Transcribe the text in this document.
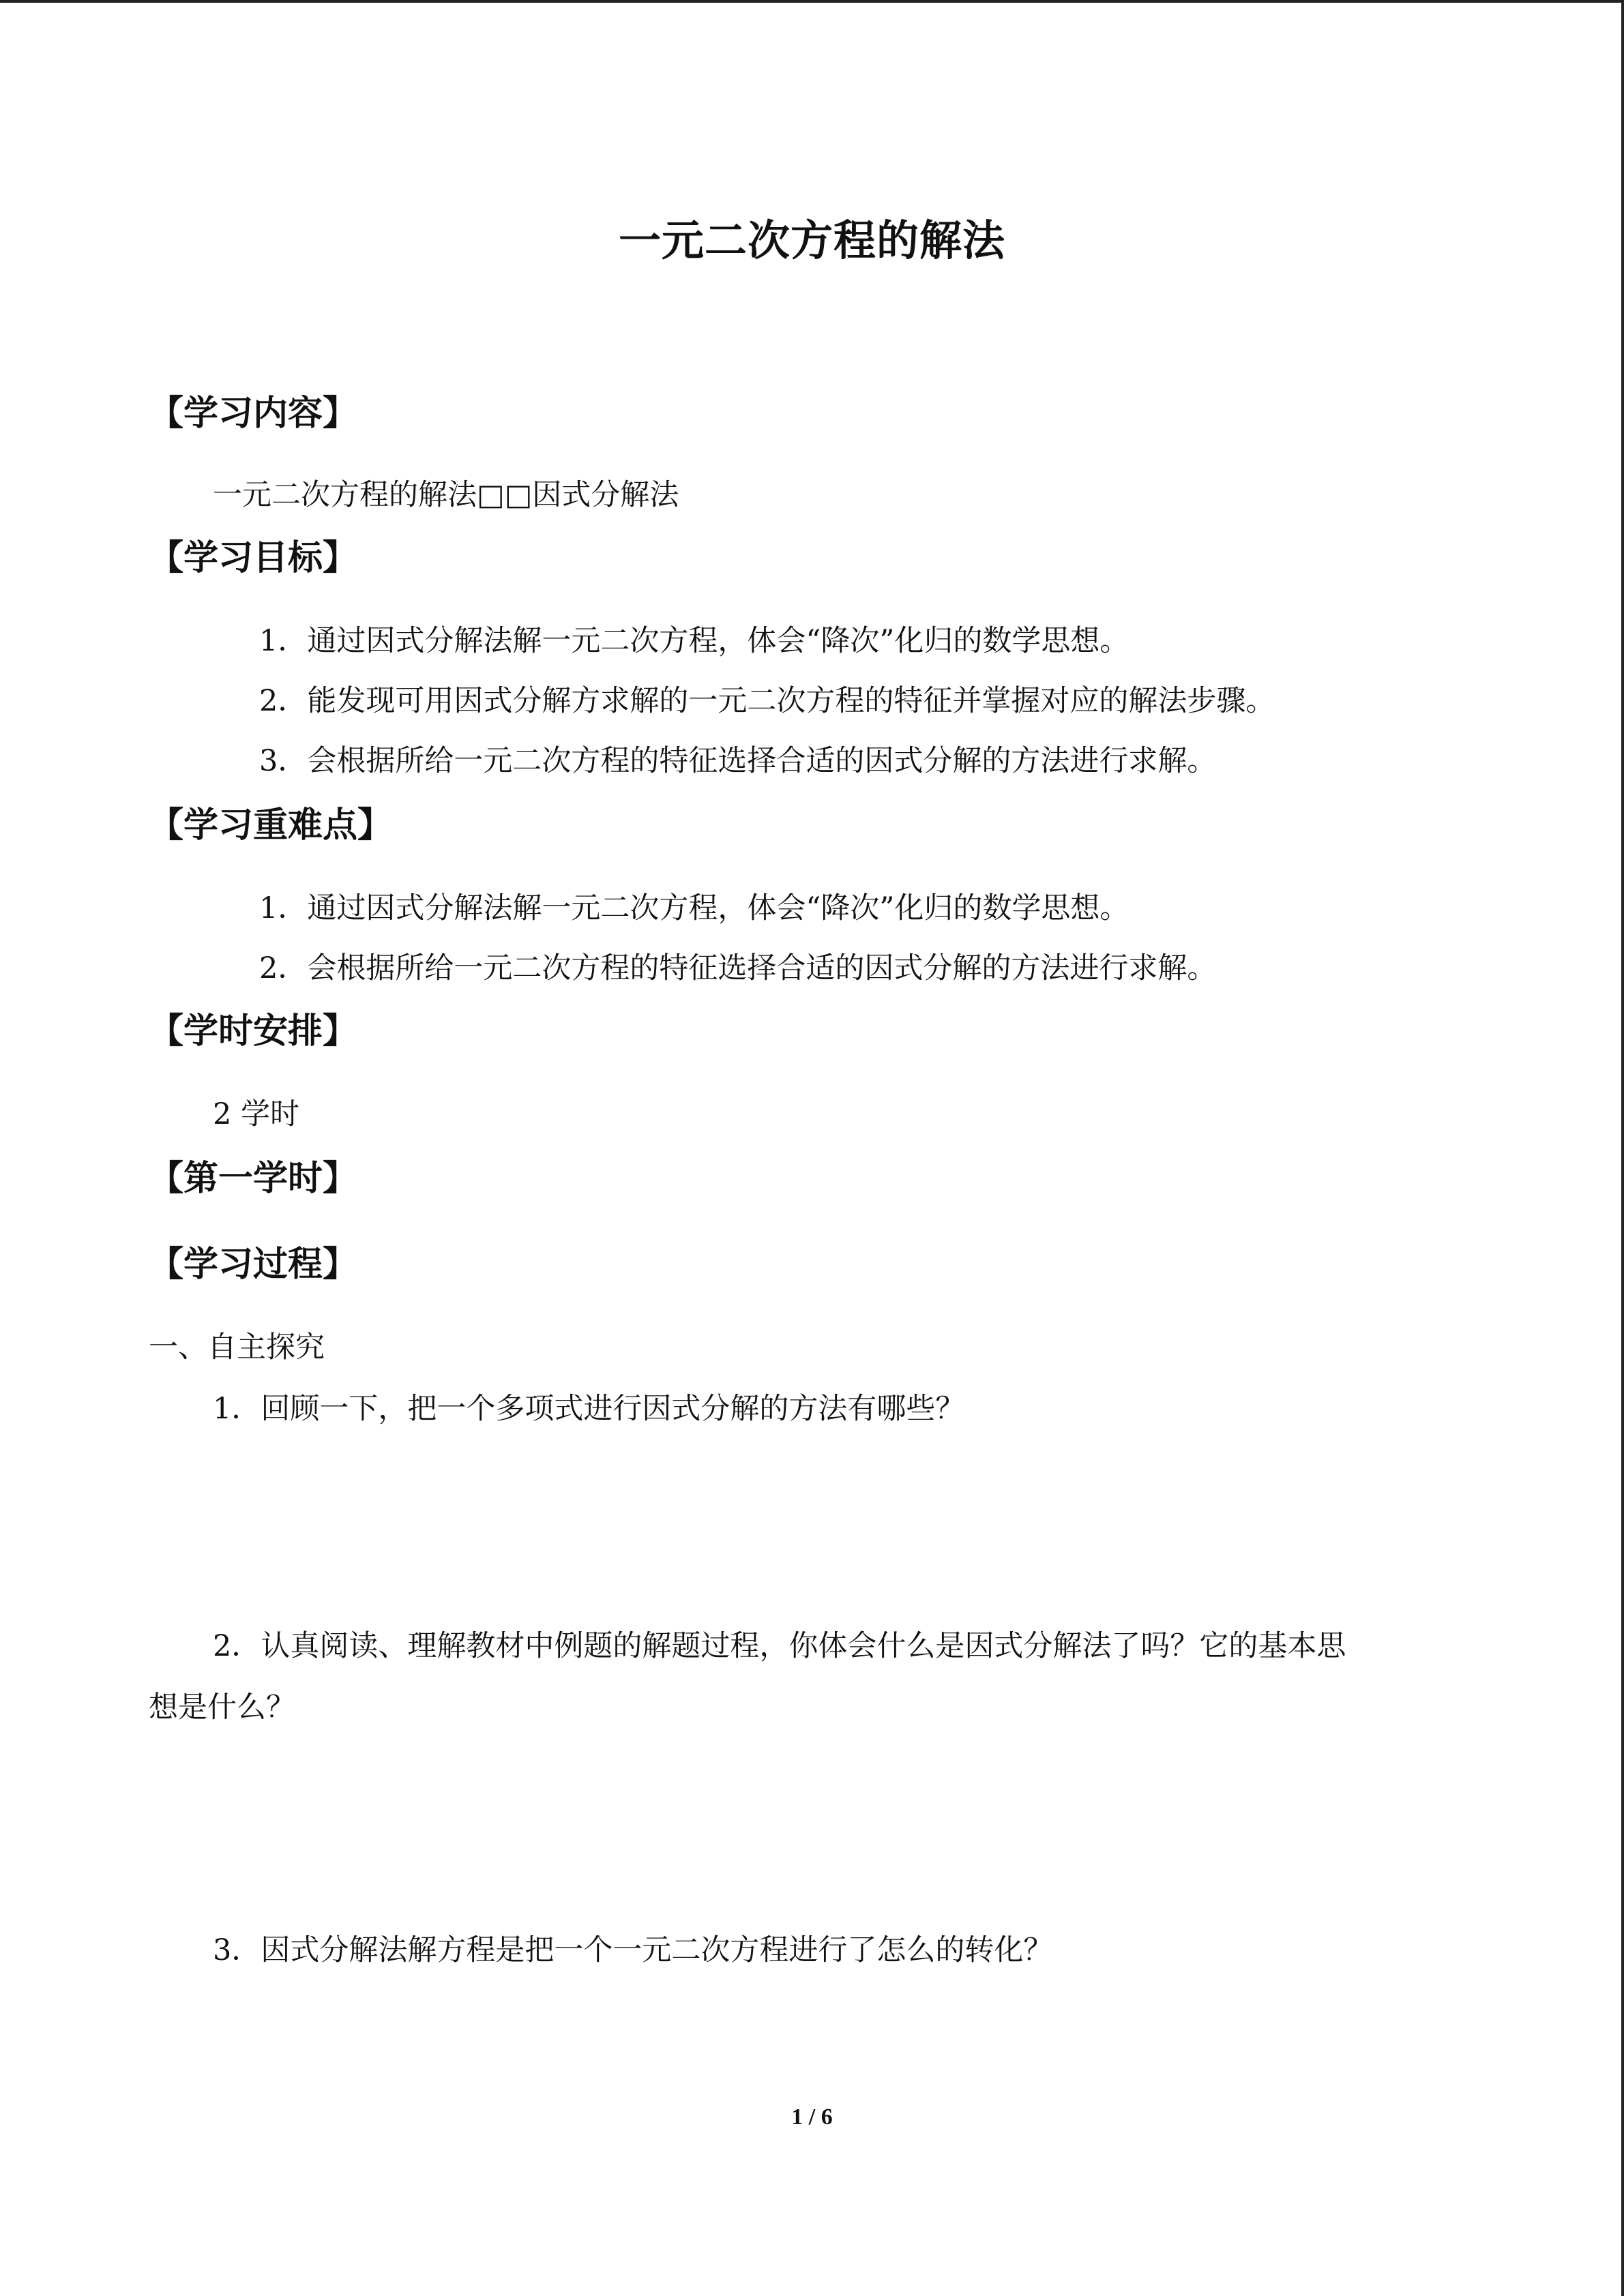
一元二次方程的解法
【学习内容】
一元二次方程的解法□□因式分解法
【学习目标】
1．通过因式分解法解一元二次方程，体会“降次”化归的数学思想。
2．能发现可用因式分解方求解的一元二次方程的特征并掌握对应的解法步骤。
3．会根据所给一元二次方程的特征选择合适的因式分解的方法进行求解。
【学习重难点】
1．通过因式分解法解一元二次方程，体会“降次”化归的数学思想。
2．会根据所给一元二次方程的特征选择合适的因式分解的方法进行求解。
【学时安排】
2 学时
【第一学时】
【学习过程】
一、自主探究
1．回顾一下，把一个多项式进行因式分解的方法有哪些？
2．认真阅读、理解教材中例题的解题过程，你体会什么是因式分解法了吗？它的基本思
想是什么？
3．因式分解法解方程是把一个一元二次方程进行了怎么的转化？
1 / 6
